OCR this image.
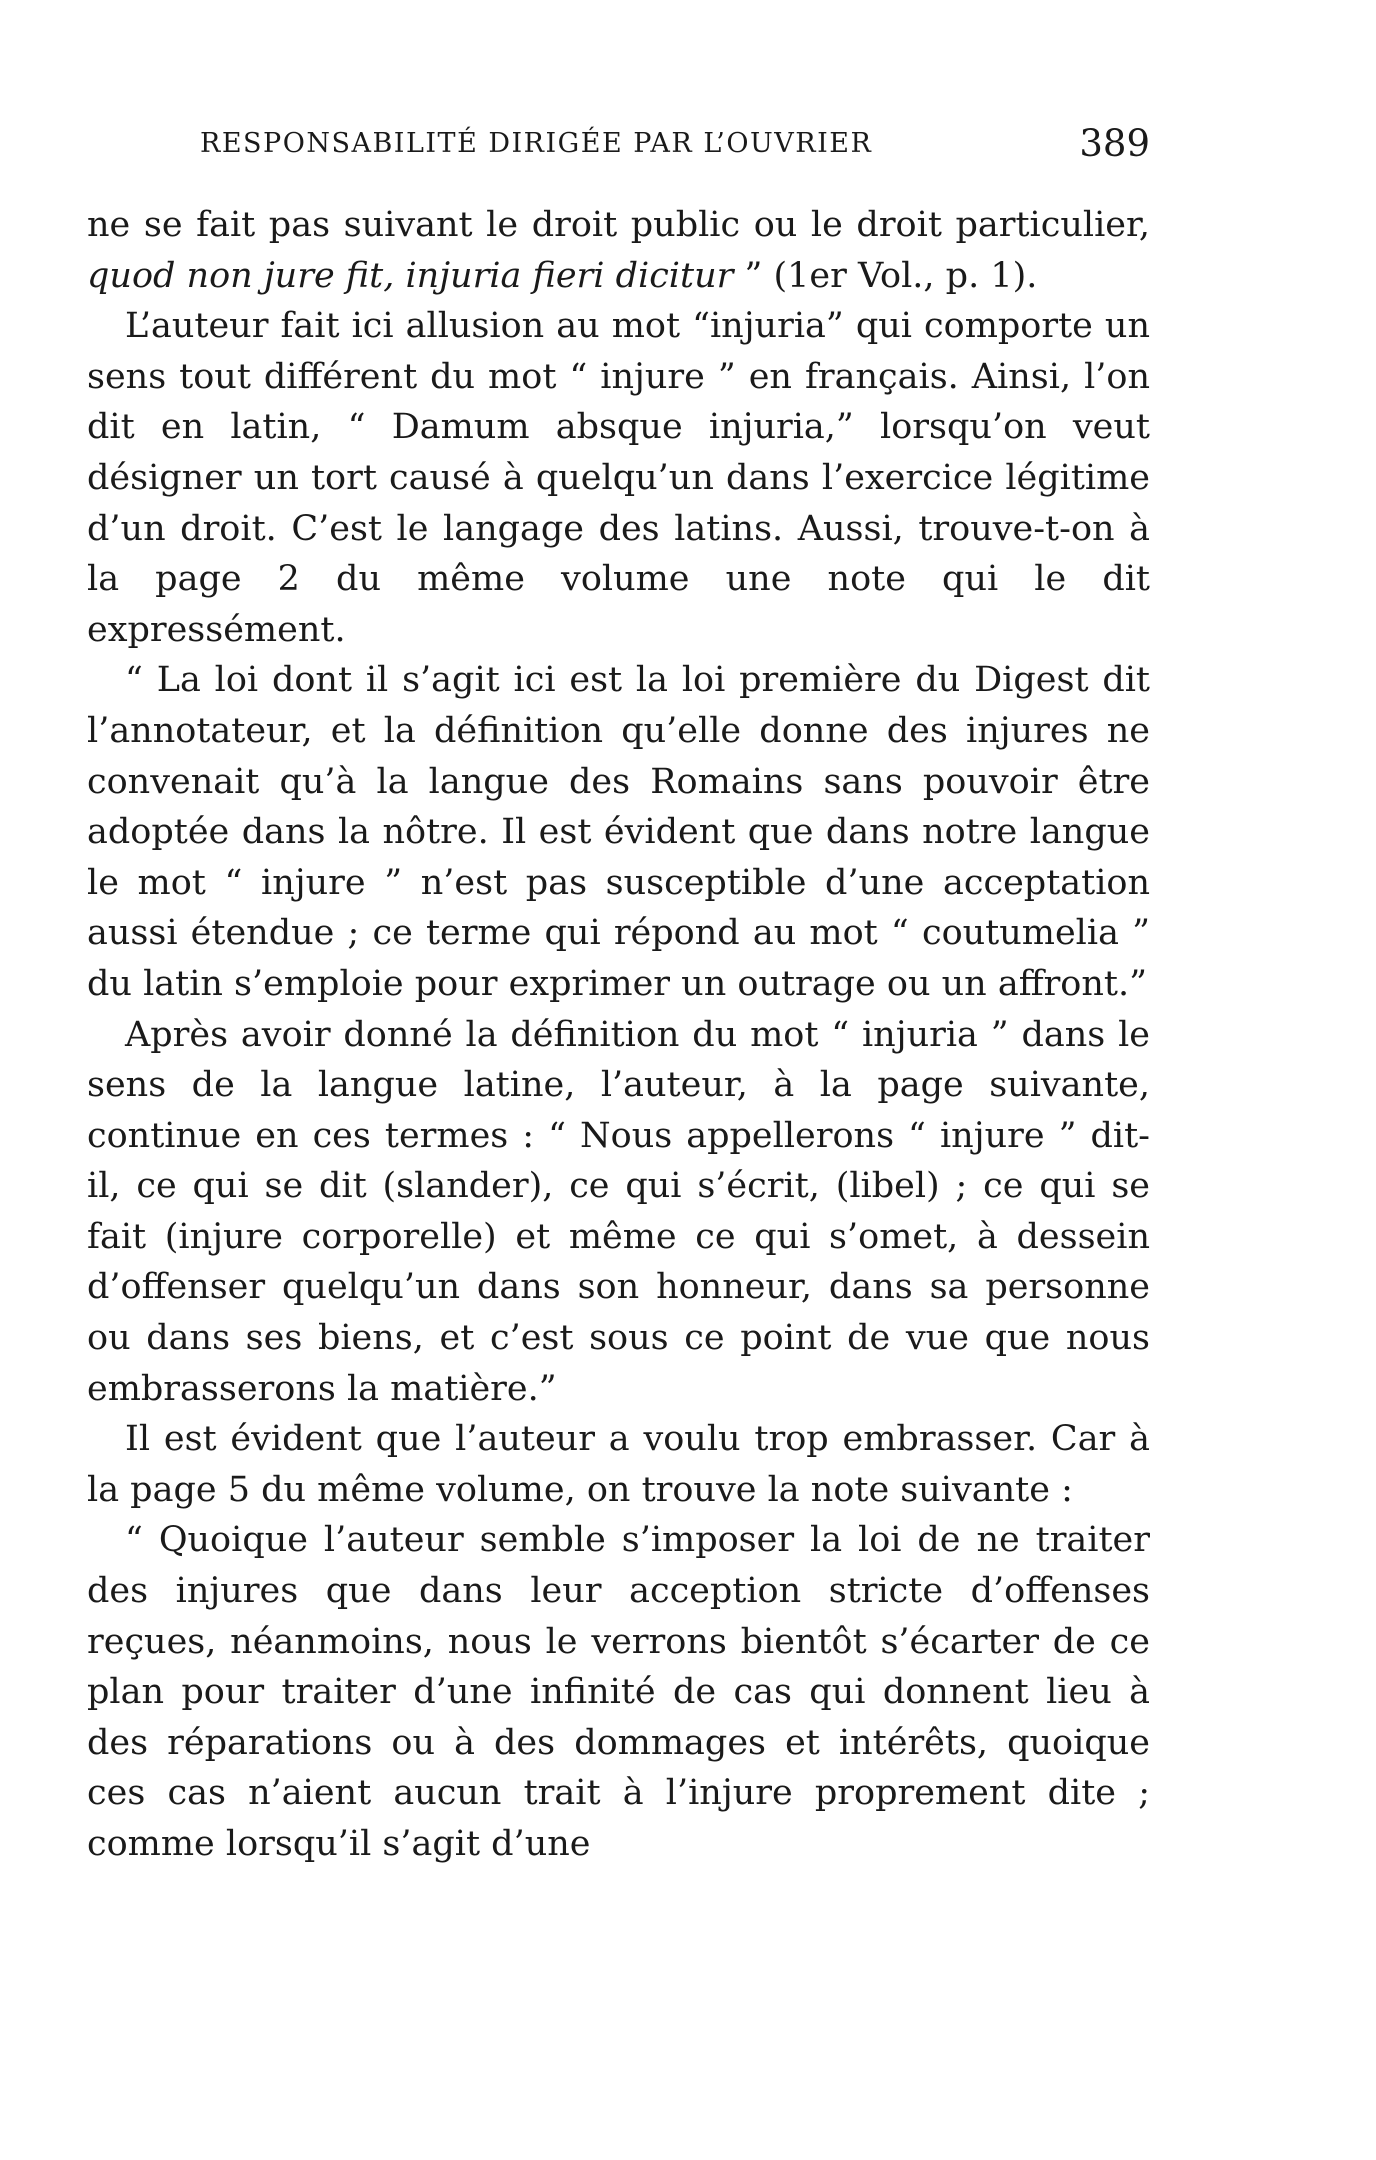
RESPONSABILITÉ DIRIGÉE PAR L’OUVRIER	389

ne se fait pas suivant le droit public ou le droit particulier, quod non jure fit, injuria fieri dicitur ” (1er Vol., p. 1).

L’auteur fait ici allusion au mot “injuria” qui comporte un sens tout différent du mot “ injure ” en français. Ainsi, l’on dit en latin, “ Damum absque injuria,” lorsqu’on veut désigner un tort causé à quelqu’un dans l’exercice légitime d’un droit. C’est le langage des latins. Aussi, trouve-t-on à la page 2 du même volume une note qui le dit expressément.

“ La loi dont il s’agit ici est la loi première du Digest dit l’annotateur, et la définition qu’elle donne des injures ne convenait qu’à la langue des Romains sans pouvoir être adoptée dans la nôtre. Il est évident que dans notre langue le mot “ injure ” n’est pas susceptible d’une acceptation aussi étendue ; ce terme qui répond au mot “ coutumelia ” du latin s’emploie pour exprimer un outrage ou un affront.”

Après avoir donné la définition du mot “ injuria ” dans le sens de la langue latine, l’auteur, à la page suivante, continue en ces termes : “ Nous appellerons “ injure ” dit-il, ce qui se dit (slander), ce qui s’écrit, (libel) ; ce qui se fait (injure corporelle) et même ce qui s’omet, à dessein d’offenser quelqu’un dans son honneur, dans sa personne ou dans ses biens, et c’est sous ce point de vue que nous embrasserons la matière.”

Il est évident que l’auteur a voulu trop embrasser. Car à la page 5 du même volume, on trouve la note suivante :

“ Quoique l’auteur semble s’imposer la loi de ne traiter des injures que dans leur acception stricte d’offenses reçues, néanmoins, nous le verrons bientôt s’écarter de ce plan pour traiter d’une infinité de cas qui donnent lieu à des réparations ou à des dommages et intérêts, quoique ces cas n’aient aucun trait à l’injure proprement dite ; comme lorsqu’il s’agit d’une
